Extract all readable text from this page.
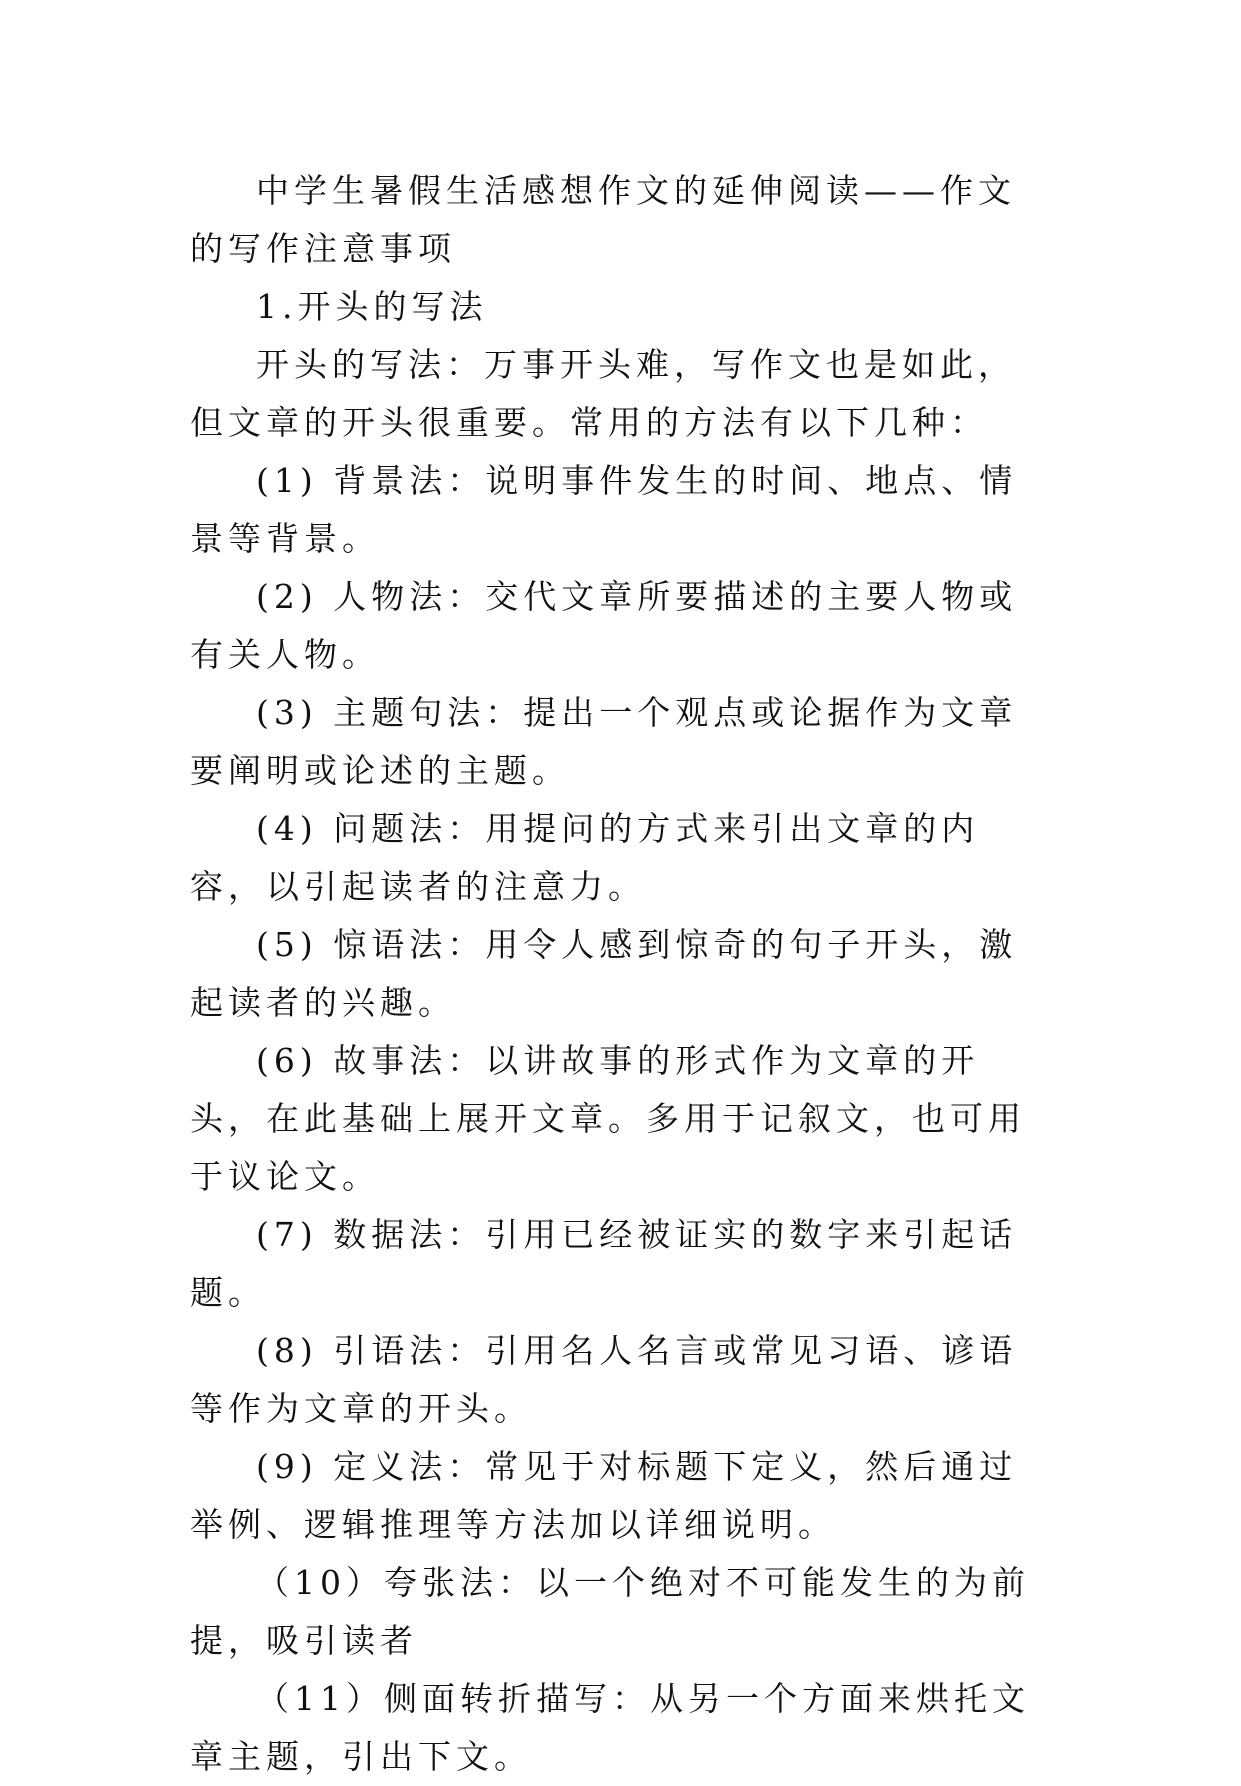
中学生暑假生活感想作文的延伸阅读——作文的写作注意事项

1.开头的写法

开头的写法：万事开头难，写作文也是如此，但文章的开头很重要。常用的方法有以下几种：

(1) 背景法：说明事件发生的时间、地点、情景等背景。

(2) 人物法：交代文章所要描述的主要人物或有关人物。

(3) 主题句法：提出一个观点或论据作为文章要阐明或论述的主题。

(4) 问题法：用提问的方式来引出文章的内容，以引起读者的注意力。

(5) 惊语法：用令人感到惊奇的句子开头，激起读者的兴趣。

(6) 故事法：以讲故事的形式作为文章的开头，在此基础上展开文章。多用于记叙文，也可用于议论文。

(7) 数据法：引用已经被证实的数字来引起话题。

(8) 引语法：引用名人名言或常见习语、谚语等作为文章的开头。

(9) 定义法：常见于对标题下定义，然后通过举例、逻辑推理等方法加以详细说明。

（10）夸张法：以一个绝对不可能发生的为前提，吸引读者

（11）侧面转折描写：从另一个方面来烘托文章主题，引出下文。
